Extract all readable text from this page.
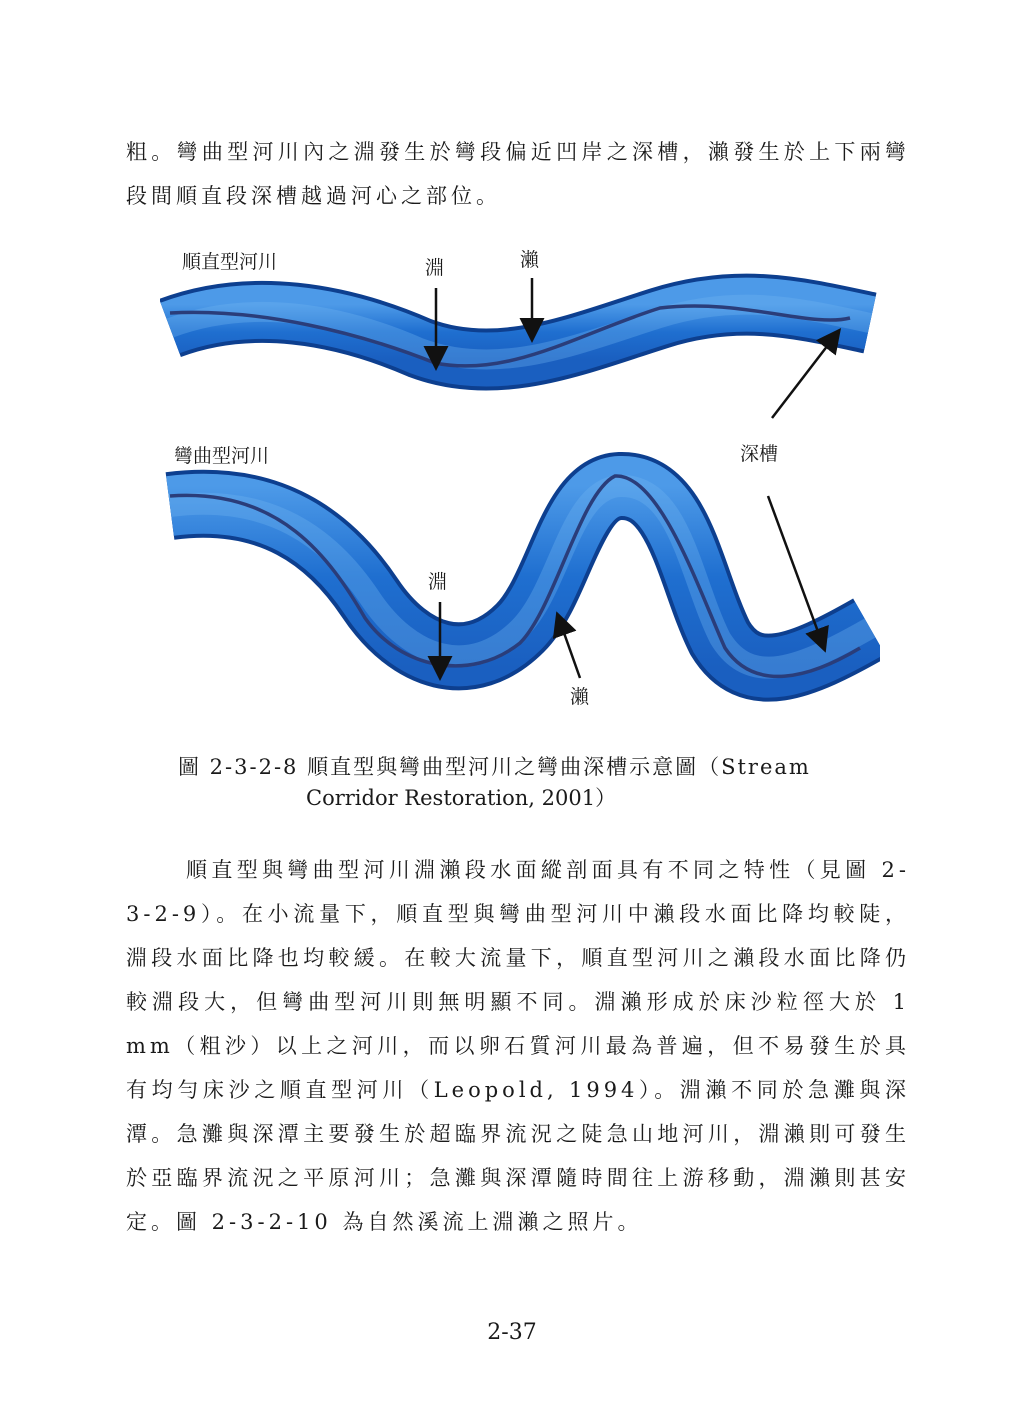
粗。彎曲型河川內之淵發生於彎段偏近凹岸之深槽，瀨發生於上下兩彎段間順直段深槽越過河心之部位。

順直型河川	淵	瀨
彎曲型河川	深槽
淵
瀨

圖 2-3-2-8 順直型與彎曲型河川之彎曲深槽示意圖（Stream

Corridor Restoration, 2001）

順直型與彎曲型河川淵瀨段水面縱剖面具有不同之特性（見圖 2-3-2-9）。在小流量下，順直型與彎曲型河川中瀨段水面比降均較陡，淵段水面比降也均較緩。在較大流量下，順直型河川之瀨段水面比降仍較淵段大，但彎曲型河川則無明顯不同。淵瀨形成於床沙粒徑大於 1 mm（粗沙）以上之河川，而以卵石質河川最為普遍，但不易發生於具有均勻床沙之順直型河川（Leopold, 1994）。淵瀨不同於急灘與深潭。急灘與深潭主要發生於超臨界流況之陡急山地河川，淵瀨則可發生於亞臨界流況之平原河川；急灘與深潭隨時間往上游移動，淵瀨則甚安定。圖 2-3-2-10 為自然溪流上淵瀨之照片。

2-37
